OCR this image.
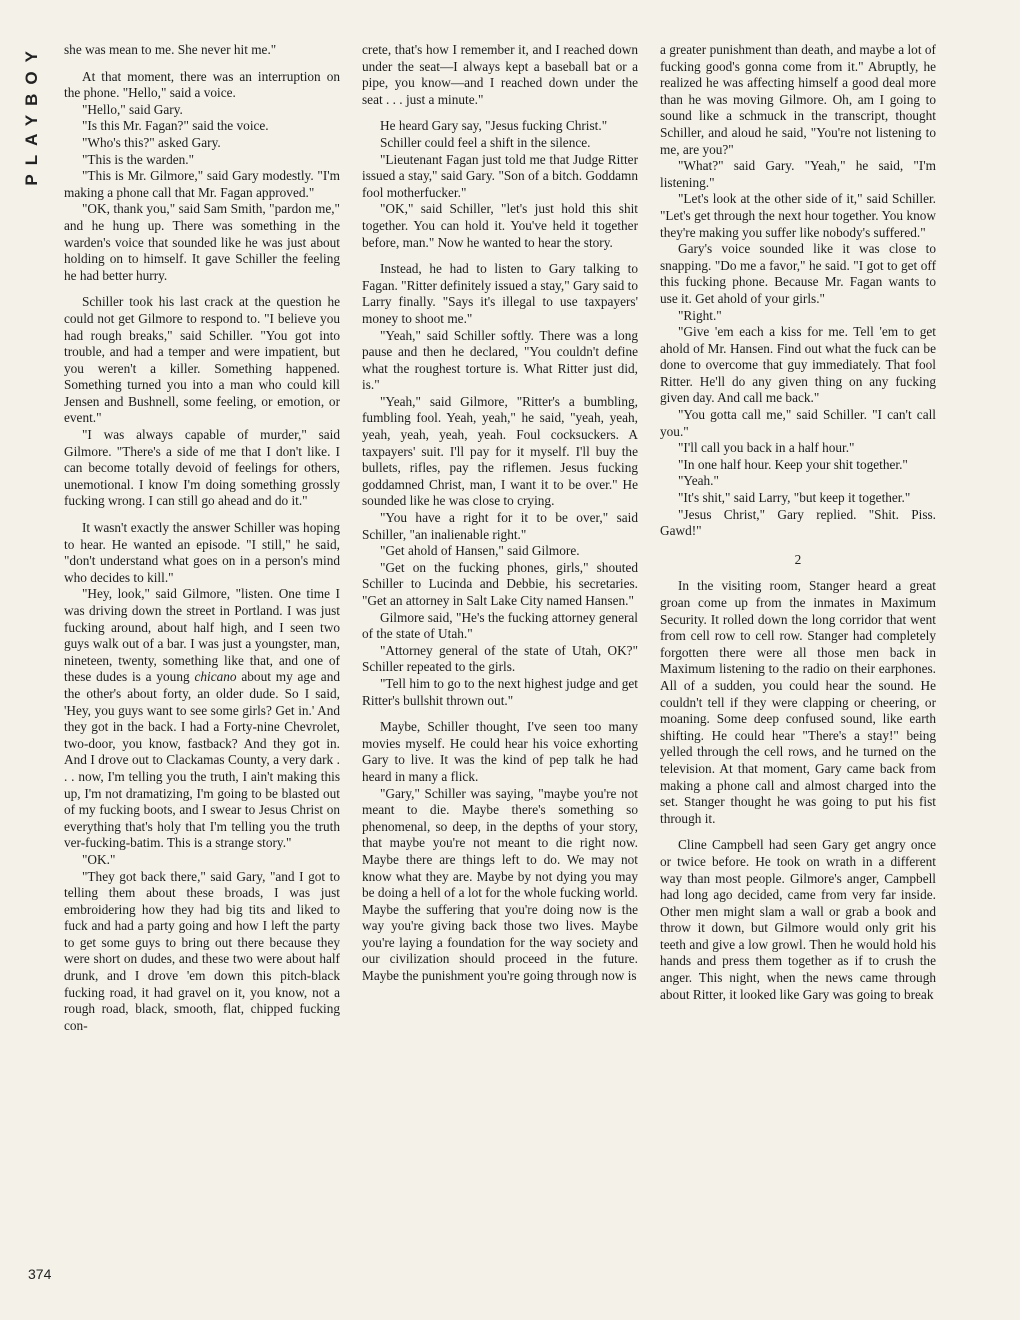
PLAYBOY	she was mean to me. She never hit me."

At that moment, there was an interruption on the phone. "Hello," said a voice.

"Hello," said Gary.

"Is this Mr. Fagan?" said the voice.

"Who's this?" asked Gary.

"This is the warden."

"This is Mr. Gilmore," said Gary modestly. "I'm making a phone call that Mr. Fagan approved."

"OK, thank you," said Sam Smith, "pardon me," and he hung up. There was something in the warden's voice that sounded like he was just about holding on to himself. It gave Schiller the feeling he had better hurry.

Schiller took his last crack at the question he could not get Gilmore to respond to. "I believe you had rough breaks," said Schiller. "You got into trouble, and had a temper and were impatient, but you weren't a killer. Something happened. Something turned you into a man who could kill Jensen and Bushnell, some feeling, or emotion, or event."

"I was always capable of murder," said Gilmore. "There's a side of me that I don't like. I can become totally devoid of feelings for others, unemotional. I know I'm doing something grossly fucking wrong. I can still go ahead and do it."

It wasn't exactly the answer Schiller was hoping to hear. He wanted an episode. "I still," he said, "don't understand what goes on in a person's mind who decides to kill."

"Hey, look," said Gilmore, "listen. One time I was driving down the street in Portland. I was just fucking around, about half high, and I seen two guys walk out of a bar. I was just a youngster, man, nineteen, twenty, something like that, and one of these dudes is a young chicano about my age and the other's about forty, an older dude. So I said, 'Hey, you guys want to see some girls? Get in.' And they got in the back. I had a Forty-nine Chevrolet, two-door, you know, fastback? And they got in. And I drove out to Clackamas County, a very dark . . . now, I'm telling you the truth, I ain't making this up, I'm not dramatizing, I'm going to be blasted out of my fucking boots, and I swear to Jesus Christ on everything that's holy that I'm telling you the truth ver-fucking-batim. This is a strange story."

"OK."

"They got back there," said Gary, "and I got to telling them about these broads, I was just embroidering how they had big tits and liked to fuck and had a party going and how I left the party to get some guys to bring out there because they were short on dudes, and these two were about half drunk, and I drove 'em down this pitch-black fucking road, it had gravel on it, you know, not a rough road, black, smooth, flat, chipped fucking con-

crete, that's how I remember it, and I reached down under the seat—I always kept a baseball bat or a pipe, you know—and I reached down under the seat . . . just a minute."

He heard Gary say, "Jesus fucking Christ."

Schiller could feel a shift in the silence.

"Lieutenant Fagan just told me that Judge Ritter issued a stay," said Gary. "Son of a bitch. Goddamn fool motherfucker."

"OK," said Schiller, "let's just hold this shit together. You can hold it. You've held it together before, man." Now he wanted to hear the story.

Instead, he had to listen to Gary talking to Fagan. "Ritter definitely issued a stay," Gary said to Larry finally. "Says it's illegal to use taxpayers' money to shoot me."

"Yeah," said Schiller softly. There was a long pause and then he declared, "You couldn't define what the roughest torture is. What Ritter just did, is."

"Yeah," said Gilmore, "Ritter's a bumbling, fumbling fool. Yeah, yeah," he said, "yeah, yeah, yeah, yeah, yeah, yeah. Foul cocksuckers. A taxpayers' suit. I'll pay for it myself. I'll buy the bullets, rifles, pay the riflemen. Jesus fucking goddamned Christ, man, I want it to be over." He sounded like he was close to crying.

"You have a right for it to be over," said Schiller, "an inalienable right."

"Get ahold of Hansen," said Gilmore.

"Get on the fucking phones, girls," shouted Schiller to Lucinda and Debbie, his secretaries. "Get an attorney in Salt Lake City named Hansen."

Gilmore said, "He's the fucking attorney general of the state of Utah."

"Attorney general of the state of Utah, OK?" Schiller repeated to the girls.

"Tell him to go to the next highest judge and get Ritter's bullshit thrown out."

Maybe, Schiller thought, I've seen too many movies myself. He could hear his voice exhorting Gary to live. It was the kind of pep talk he had heard in many a flick.

"Gary," Schiller was saying, "maybe you're not meant to die. Maybe there's something so phenomenal, so deep, in the depths of your story, that maybe you're not meant to die right now. Maybe there are things left to do. We may not know what they are. Maybe by not dying you may be doing a hell of a lot for the whole fucking world. Maybe the suffering that you're doing now is the way you're giving back those two lives. Maybe you're laying a foundation for the way society and our civilization should proceed in the future. Maybe the punishment you're going through now is

a greater punishment than death, and maybe a lot of fucking good's gonna come from it." Abruptly, he realized he was affecting himself a good deal more than he was moving Gilmore. Oh, am I going to sound like a schmuck in the transcript, thought Schiller, and aloud he said, "You're not listening to me, are you?"

"What?" said Gary. "Yeah," he said, "I'm listening."

"Let's look at the other side of it," said Schiller. "Let's get through the next hour together. You know they're making you suffer like nobody's suffered."

Gary's voice sounded like it was close to snapping. "Do me a favor," he said. "I got to get off this fucking phone. Because Mr. Fagan wants to use it. Get ahold of your girls."

"Right."

"Give 'em each a kiss for me. Tell 'em to get ahold of Mr. Hansen. Find out what the fuck can be done to overcome that guy immediately. That fool Ritter. He'll do any given thing on any fucking given day. And call me back."

"You gotta call me," said Schiller. "I can't call you."

"I'll call you back in a half hour."

"In one half hour. Keep your shit together."

"Yeah."

"It's shit," said Larry, "but keep it together."

"Jesus Christ," Gary replied. "Shit. Piss. Gawd!"

2

In the visiting room, Stanger heard a great groan come up from the inmates in Maximum Security. It rolled down the long corridor that went from cell row to cell row. Stanger had completely forgotten there were all those men back in Maximum listening to the radio on their earphones. All of a sudden, you could hear the sound. He couldn't tell if they were clapping or cheering, or moaning. Some deep confused sound, like earth shifting. He could hear "There's a stay!" being yelled through the cell rows, and he turned on the television. At that moment, Gary came back from making a phone call and almost charged into the set. Stanger thought he was going to put his fist through it.

Cline Campbell had seen Gary get angry once or twice before. He took on wrath in a different way than most people. Gilmore's anger, Campbell had long ago decided, came from very far inside. Other men might slam a wall or grab a book and throw it down, but Gilmore would only grit his teeth and give a low growl. Then he would hold his hands and press them together as if to crush the anger. This night, when the news came through about Ritter, it looked like Gary was going to break

374
